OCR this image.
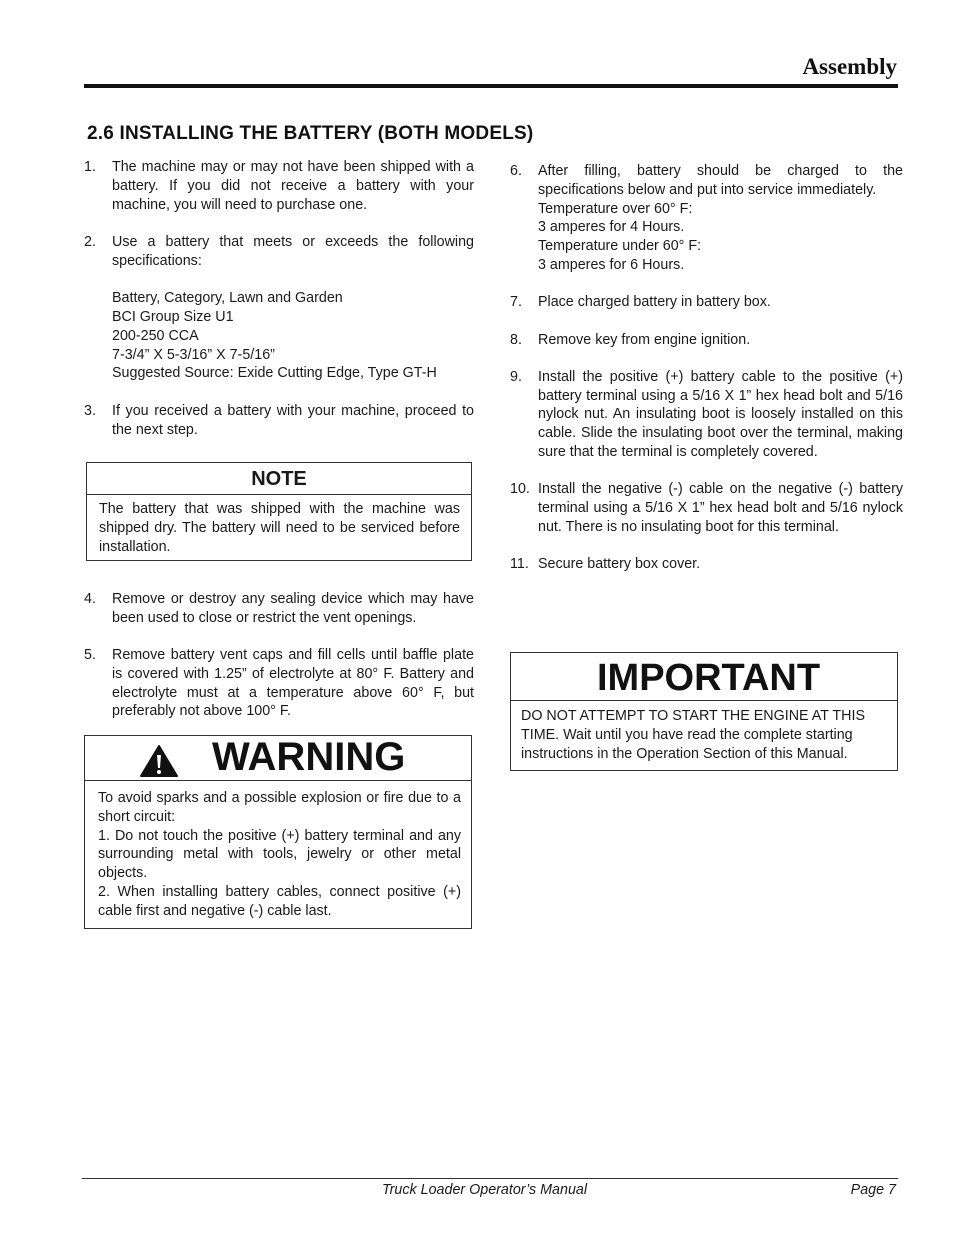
Assembly
2.6 INSTALLING THE BATTERY (BOTH MODELS)
1.	The machine may or may not have been shipped with a battery. If you did not receive a battery with your machine, you will need to purchase one.
2.	Use a battery that meets or exceeds the following specifications:

Battery, Category, Lawn and Garden
BCI Group Size U1
200-250 CCA
7-3/4” X 5-3/16” X 7-5/16”
Suggested Source: Exide Cutting Edge, Type GT-H
3.	If you received a battery with your machine, proceed to the next step.
NOTE
The battery that was shipped with the machine was shipped dry. The battery will need to be serviced before installation.
4.	Remove or destroy any sealing device which may have been used to close or restrict the vent openings.
5.	Remove battery vent caps and fill cells until baffle plate is covered with 1.25” of electrolyte at 80° F. Battery and electrolyte must at a temperature above 60° F, but preferably not above 100° F.
WARNING
To avoid sparks and a possible explosion or fire due to a short circuit:
1. Do not touch the positive (+) battery terminal and any surrounding metal with tools, jewelry or other metal objects.
2. When installing battery cables, connect positive (+) cable first and negative (-) cable last.
6.	After filling, battery should be charged to the specifications below and put into service immediately.
Temperature over 60° F:
3 amperes for 4 Hours.
Temperature under 60° F:
3 amperes for 6 Hours.
7.	Place charged battery in battery box.
8.	Remove key from engine ignition.
9.	Install the positive (+) battery cable to the positive (+) battery terminal using a 5/16 X 1” hex head bolt and 5/16 nylock nut. An insulating boot is loosely installed on this cable. Slide the insulating boot over the terminal, making sure that the terminal is completely covered.
10. Install the negative (-) cable on the negative (-) battery terminal using a 5/16 X 1” hex head bolt and 5/16 nylock nut. There is no insulating boot for this terminal.
11. Secure battery box cover.
IMPORTANT
DO NOT ATTEMPT TO START THE ENGINE AT THIS TIME. Wait until you have read the complete starting instructions in the Operation Section of this Manual.
Truck Loader Operator’s Manual	Page 7
